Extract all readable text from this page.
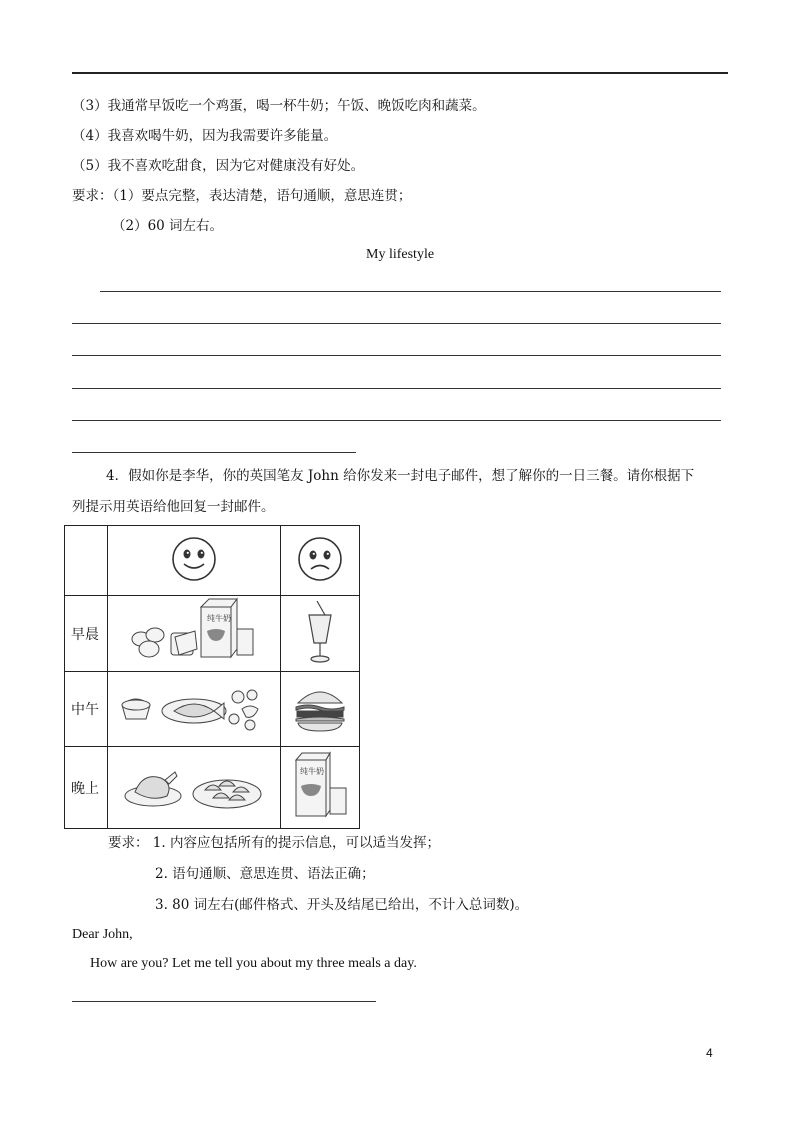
（3）我通常早饭吃一个鸡蛋，喝一杯牛奶；午饭、晚饭吃肉和蔬菜。
（4）我喜欢喝牛奶，因为我需要许多能量。
（5）我不喜欢吃甜食，因为它对健康没有好处。
要求：（1）要点完整，表达清楚，语句通顺，意思连贯；
（2）60 词左右。
My lifestyle
4．假如你是李华，你的英国笔友 John 给你发来一封电子邮件，想了解你的一日三餐。请你根据下
列提示用英语给他回复一封邮件。

早晨	纯牛奶

中午		
晚上		纯牛奶
要求： 1. 内容应包括所有的提示信息，可以适当发挥；
2. 语句通顺、意思连贯、语法正确；
3. 80 词左右(邮件格式、开头及结尾已给出，不计入总词数)。
Dear John,
How are you? Let me tell you about my three meals a day.
4
